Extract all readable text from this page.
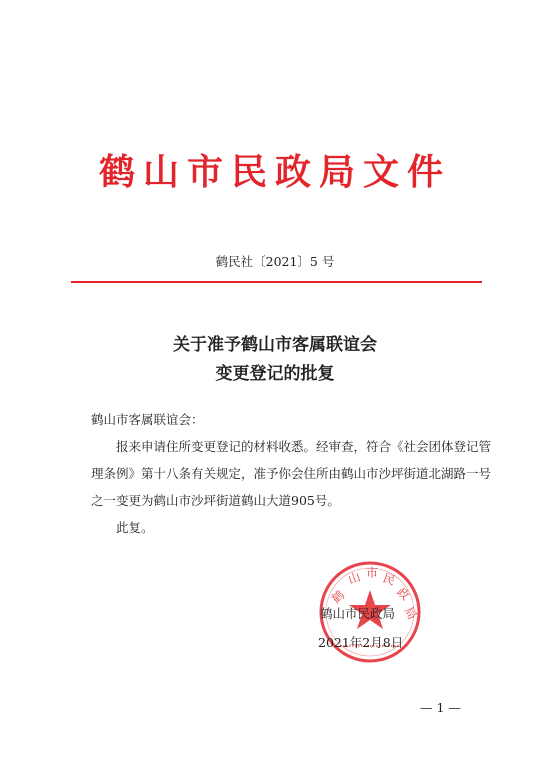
鹤山市民政局文件
鹤民社〔2021〕5 号
关于准予鹤山市客属联谊会
变更登记的批复

鹤山市客属联谊会：

报来申请住所变更登记的材料收悉。经审查，符合《社会团体登记管理条例》第十八条有关规定，准予你会住所由鹤山市沙坪街道北湖路一号之一变更为鹤山市沙坪街道鹤山大道905号。

此复。

鹤
山 市 民
政
局
鹤山市民政局
2021年2月8日
— 1 —
